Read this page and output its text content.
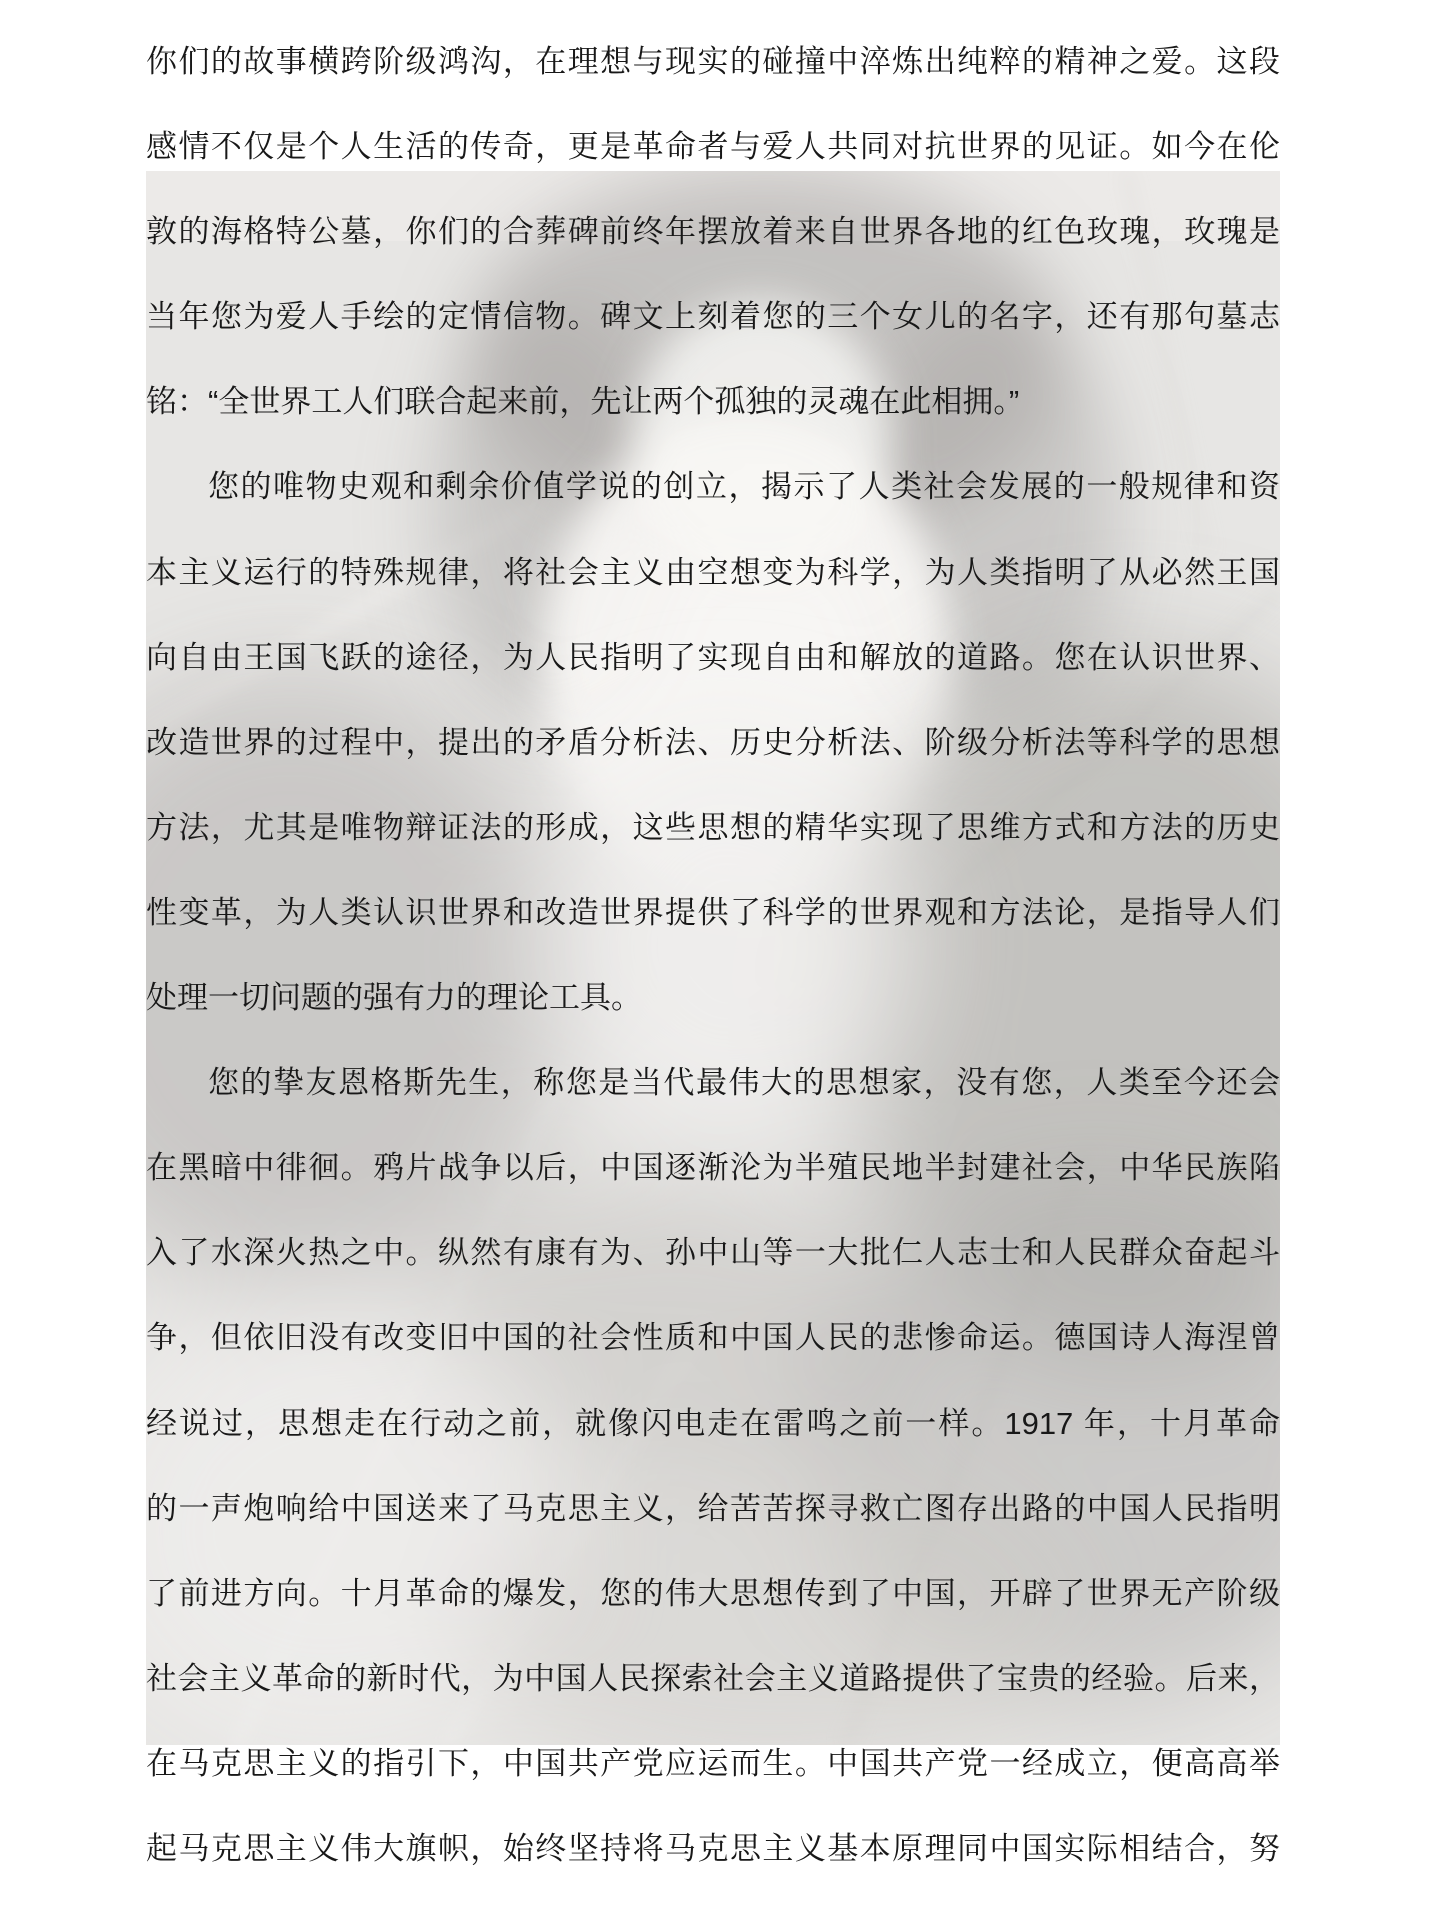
你们的故事横跨阶级鸿沟，在理想与现实的碰撞中淬炼出纯粹的精神之爱。这段
感情不仅是个人生活的传奇，更是革命者与爱人共同对抗世界的见证。如今在伦
敦的海格特公墓，你们的合葬碑前终年摆放着来自世界各地的红色玫瑰，玫瑰是
当年您为爱人手绘的定情信物。碑文上刻着您的三个女儿的名字，还有那句墓志
铭：“全世界工人们联合起来前，先让两个孤独的灵魂在此相拥。”
您的唯物史观和剩余价值学说的创立，揭示了人类社会发展的一般规律和资
本主义运行的特殊规律，将社会主义由空想变为科学，为人类指明了从必然王国
向自由王国飞跃的途径，为人民指明了实现自由和解放的道路。您在认识世界、
改造世界的过程中，提出的矛盾分析法、历史分析法、阶级分析法等科学的思想
方法，尤其是唯物辩证法的形成，这些思想的精华实现了思维方式和方法的历史
性变革，为人类认识世界和改造世界提供了科学的世界观和方法论，是指导人们
处理一切问题的强有力的理论工具。
您的挚友恩格斯先生，称您是当代最伟大的思想家，没有您，人类至今还会
在黑暗中徘徊。鸦片战争以后，中国逐渐沦为半殖民地半封建社会，中华民族陷
入了水深火热之中。纵然有康有为、孙中山等一大批仁人志士和人民群众奋起斗
争，但依旧没有改变旧中国的社会性质和中国人民的悲惨命运。德国诗人海涅曾
经说过，思想走在行动之前，就像闪电走在雷鸣之前一样。1917 年，十月革命
的一声炮响给中国送来了马克思主义，给苦苦探寻救亡图存出路的中国人民指明
了前进方向。十月革命的爆发，您的伟大思想传到了中国，开辟了世界无产阶级
社会主义革命的新时代，为中国人民探索社会主义道路提供了宝贵的经验。后来，
在马克思主义的指引下，中国共产党应运而生。中国共产党一经成立，便高高举
起马克思主义伟大旗帜，始终坚持将马克思主义基本原理同中国实际相结合，努
